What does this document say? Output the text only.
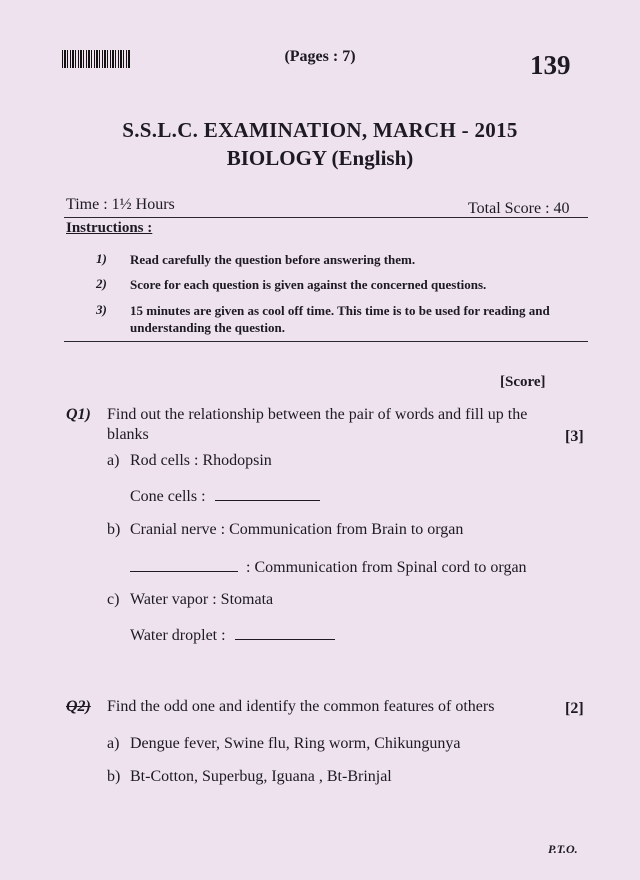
(Pages : 7)	139
S.S.L.C. EXAMINATION, MARCH - 2015
BIOLOGY (English)
Time : 1½ Hours	Total Score : 40
Instructions :
1) Read carefully the question before answering them.
2) Score for each question is given against the concerned questions.
3) 15 minutes are given as cool off time. This time is to be used for reading and understanding the question.
[Score]
Q1) Find out the relationship between the pair of words and fill up the blanks	[3]
a) Rod cells : Rhodopsin
Cone cells :
b) Cranial nerve : Communication from Brain to organ
: Communication from Spinal cord to organ
c) Water vapor : Stomata
Water droplet :
Q2) Find the odd one and identify the common features of others	[2]
a) Dengue fever, Swine flu, Ring worm, Chikungunya
b) Bt-Cotton, Superbug, Iguana , Bt-Brinjal
P.T.O.
